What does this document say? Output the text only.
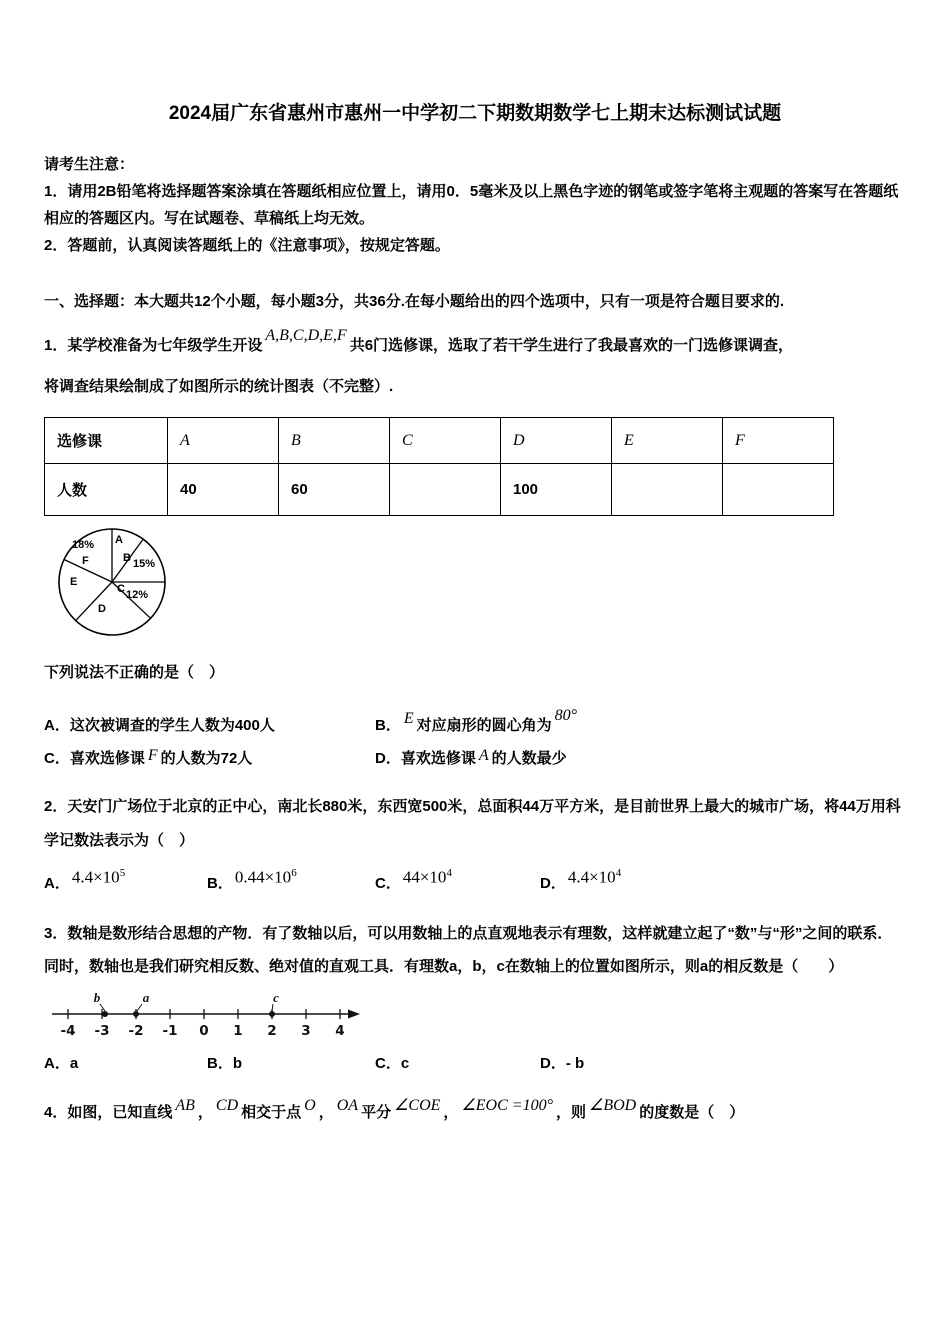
2024届广东省惠州市惠州一中学初二下期数期数学七上期末达标测试试题

请考生注意：

1．请用2B铅笔将选择题答案涂填在答题纸相应位置上，请用0．5毫米及以上黑色字迹的钢笔或签字笔将主观题的答案写在答题纸相应的答题区内。写在试题卷、草稿纸上均无效。

2．答题前，认真阅读答题纸上的《注意事项》，按规定答题。

一、选择题：本大题共12个小题，每小题3分，共36分.在每小题给出的四个选项中，只有一项是符合题目要求的.

1．某学校准备为七年级学生开设A,B,C,D,E,F共6门选修课，选取了若干学生进行了我最喜欢的一门选修课调查，

将调查结果绘制成了如图所示的统计图表（不完整）.

选修课	A	B	C	D	E	F
人数	40	60		100		
18%
F
A
B 15%
E
C 12%
D

下列说法不正确的是（　）

A．这次被调查的学生人数为400人	B． E 对应扇形的圆心角为80°
C．喜欢选修课 F 的人数为72人	D．喜欢选修课 A 的人数最少

2．天安门广场位于北京的正中心，南北长880米，东西宽500米，总面积44万平方米，是目前世界上最大的城市广场，将44万用科学记数法表示为（　）

A． $4.4\times 10^5$
B． $0.44\times 10^6$
C． $44\times 10^4$
D． $4.4\times 10^4$

3．数轴是数形结合思想的产物．有了数轴以后，可以用数轴上的点直观地表示有理数，这样就建立起了“数”与“形”之间的联系．同时，数轴也是我们研究相反数、绝对值的直观工具．有理数a，b，c在数轴上的位置如图所示，则a的相反数是（　　）

-4 -3 -2 -1 0 1 2 3 4
b	a	c
A．a	B．b	C．c	D．- b

4．如图，已知直线 AB ， CD 相交于点 O ， OA 平分 ∠COE ， ∠EOC =100° ，则 ∠BOD 的度数是（　）
